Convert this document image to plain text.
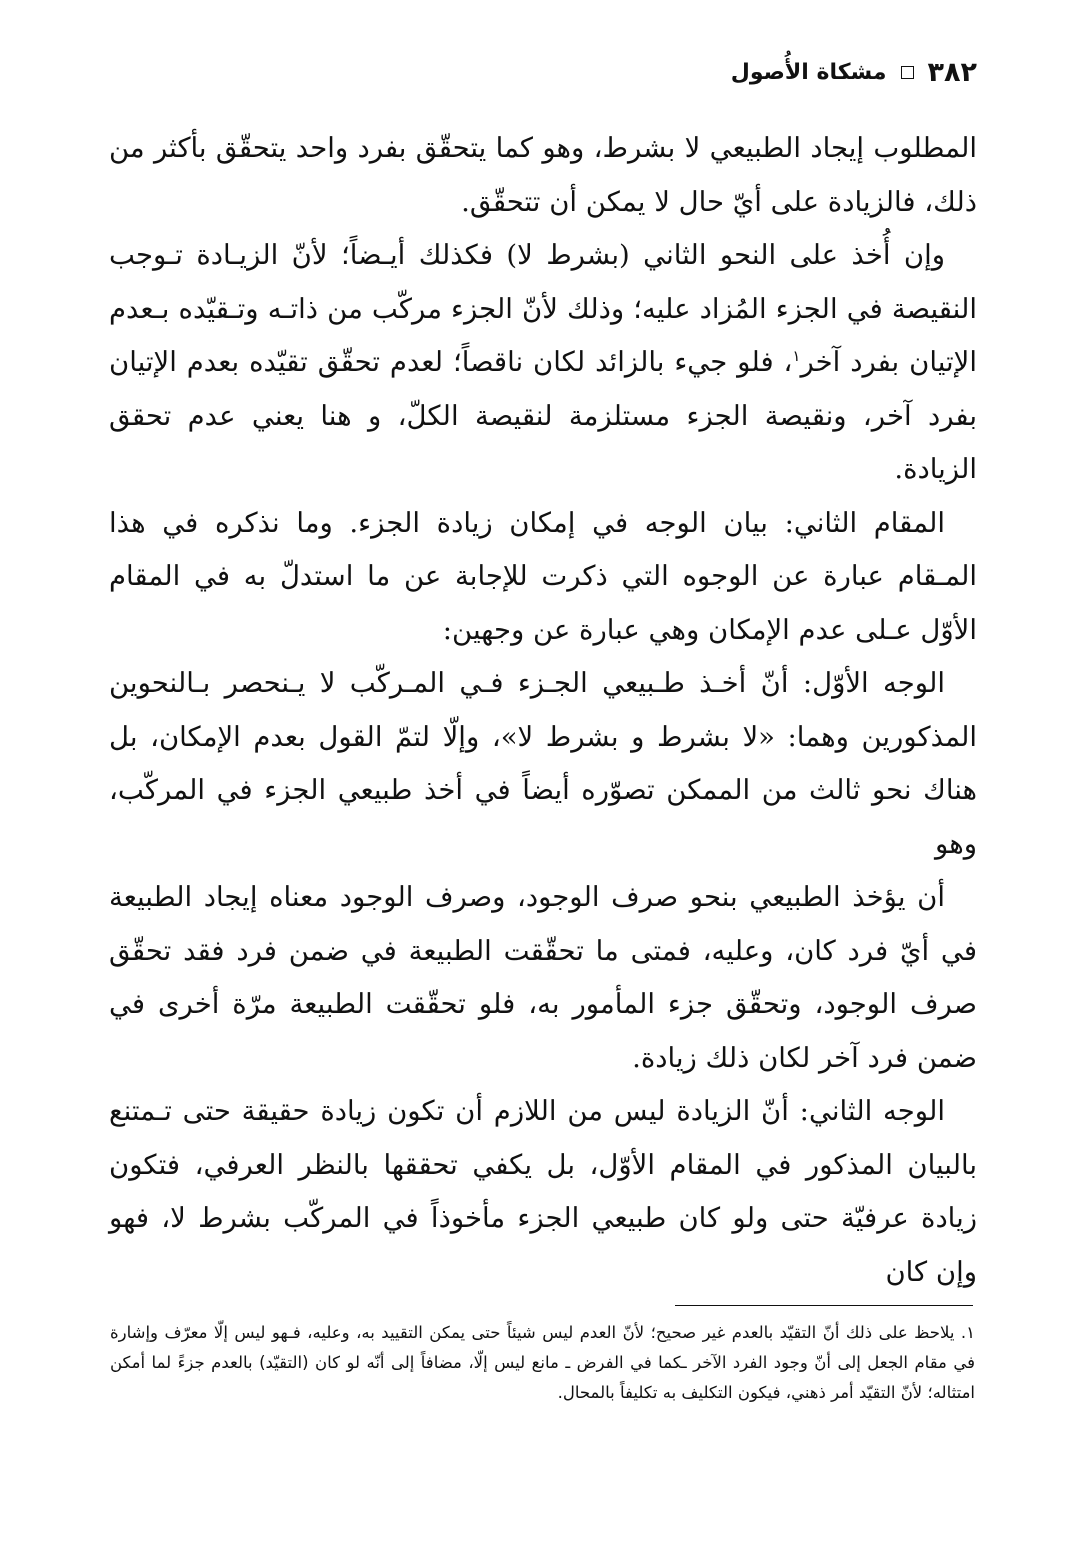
٣٨٢
مشكاة الأُصول

المطلوب إيجاد الطبيعي لا بشرط، وهو كما يتحقّق بفرد واحد يتحقّق بأكثر من ذلك، فالزيادة على أيّ حال لا يمكن أن تتحقّق.

وإن أُخذ على النحو الثاني (بشرط لا) فكذلك أيـضاً؛ لأنّ الزيـادة تـوجب النقيصة في الجزء المُزاد عليه؛ وذلك لأنّ الجزء مركّب من ذاتـه وتـقيّده بـعدم الإتيان بفرد آخر$^١$، فلو جيء بالزائد لكان ناقصاً؛ لعدم تحقّق تقيّده بعدم الإتيان بفرد آخر، ونقيصة الجزء مستلزمة لنقيصة الكلّ، و هنا يعني عدم تحقق الزيادة.

المقام الثاني: بيان الوجه في إمكان زيادة الجزء. وما نذكره في هذا المـقام عبارة عن الوجوه التي ذكرت للإجابة عن ما استدلّ به في المقام الأوّل عـلى عدم الإمكان وهي عبارة عن وجهين:

الوجه الأوّل: أنّ أخـذ طـبيعي الجـزء فـي المـركّب لا يـنحصر بـالنحوين المذكورين وهما: «لا بشرط و بشرط لا»، وإلّا لتمّ القول بعدم الإمكان، بل هناك نحو ثالث من الممكن تصوّره أيضاً في أخذ طبيعي الجزء في المركّب، وهو

أن يؤخذ الطبيعي بنحو صرف الوجود، وصرف الوجود معناه إيجاد الطبيعة في أيّ فرد كان، وعليه، فمتى ما تحقّقت الطبيعة في ضمن فرد فقد تحقّق صرف الوجود، وتحقّق جزء المأمور به، فلو تحقّقت الطبيعة مرّة أخرى في ضمن فرد آخر لكان ذلك زيادة.

الوجه الثاني: أنّ الزيادة ليس من اللازم أن تكون زيادة حقيقة حتى تـمتنع بالبيان المذكور في المقام الأوّل، بل يكفي تحققها بالنظر العرفي، فتكون زيادة عرفيّة حتى ولو كان طبيعي الجزء مأخوذاً في المركّب بشرط لا، فهو وإن كان

١. يلاحظ على ذلك أنّ التقيّد بالعدم غير صحيح؛ لأنّ العدم ليس شيئاً حتى يمكن التقييد به، وعليه، فـهو ليس إلّا معرّف وإشارة في مقام الجعل إلى أنّ وجود الفرد الآخر ـكما في الفرض ـ مانع ليس إلّا، مضافاً إلى أنّه لو كان (التقيّد) بالعدم جزءً لما أمكن امتثاله؛ لأنّ التقيّد أمر ذهني، فيكون التكليف به تكليفاً بالمحال.
